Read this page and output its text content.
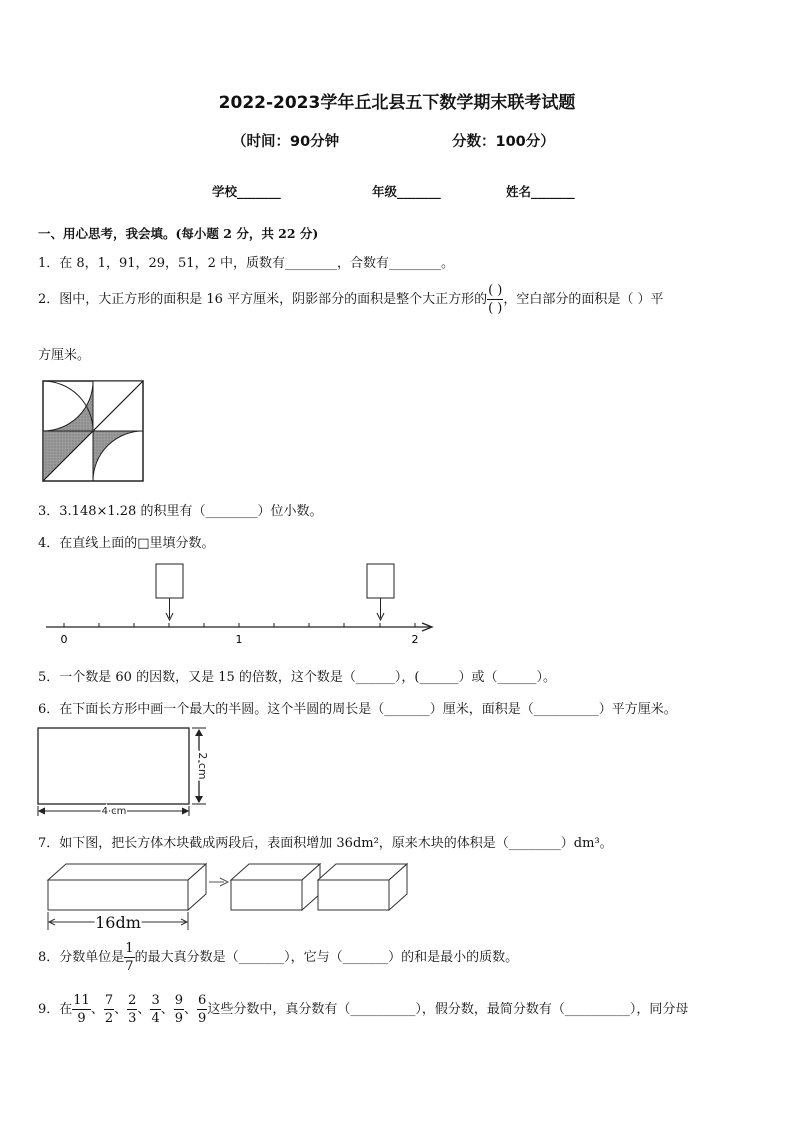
2022-2023学年丘北县五下数学期末联考试题
（时间：90分钟	分数：100分）
学校_______	年级_______	姓名_______
一、用心思考，我会填。(每小题 2 分，共 22 分)
1．在 8，1，91，29，51，2 中，质数有________，合数有________。
2．图中，大正方形的面积是 16 平方厘米，阴影部分的面积是整个大正方形的 $\frac{( )}{( )}$ ，空白部分的面积是（ ）平
方厘米。
3．3.148×1.28 的积里有（________）位小数。
4．在直线上面的□里填分数。
0	1	2
5．一个数是 60 的因数，又是 15 的倍数，这个数是（______），(______）或（______）。
6．在下面长方形中画一个最大的半圆。这个半圆的周长是（_______）厘米，面积是（__________）平方厘米。
4 cm
2 cm
7．如下图，把长方体木块截成两段后，表面积增加 36dm²，原来木块的体积是（________）dm³。
16dm
8．分数单位是 $\frac{1}{7}$ 的最大真分数是（_______），它与（_______）的和是最小的质数。
9．在 $\frac{11}{9}$ 、 $\frac{7}{2}$ 、 $\frac{2}{3}$ 、 $\frac{3}{4}$ 、 $\frac{9}{9}$ 、 $\frac{6}{9}$ 这些分数中，真分数有（__________），假分数，最简分数有（__________），同分母
